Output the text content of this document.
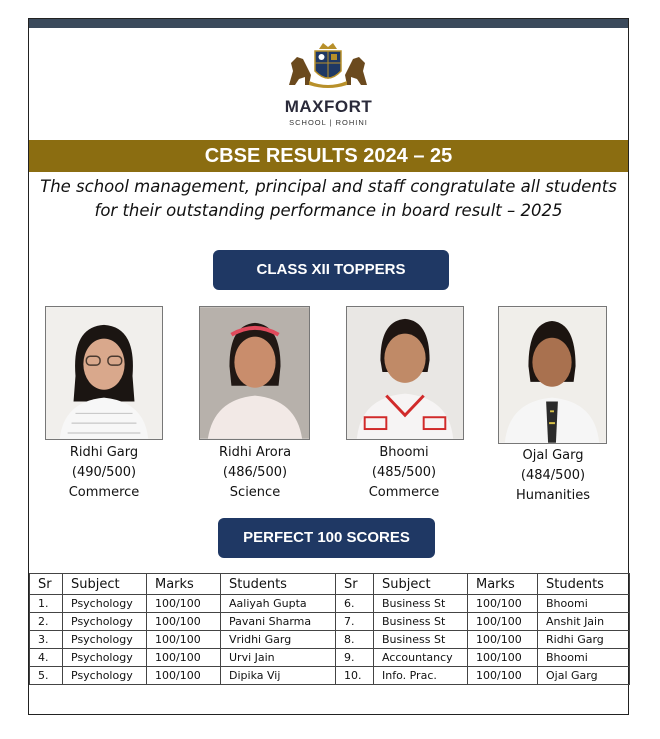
MAXFORT
SCHOOL | ROHINI
CBSE RESULTS 2024 – 25
The school management, principal and staff congratulate all students
for their outstanding performance in board result – 2025
CLASS XII TOPPERS
Ridhi Garg
(490/500)
Commerce
Ridhi Arora
(486/500)
Science
Bhoomi
(485/500)
Commerce
Ojal Garg
(484/500)
Humanities
PERFECT 100 SCORES
Sr	Subject	Marks	Students	Sr	Subject	Marks	Students
1.	Psychology	100/100	Aaliyah Gupta	6.	Business St	100/100	Bhoomi
2.	Psychology	100/100	Pavani Sharma	7.	Business St	100/100	Anshit Jain
3.	Psychology	100/100	Vridhi Garg	8.	Business St	100/100	Ridhi Garg
4.	Psychology	100/100	Urvi Jain	9.	Accountancy	100/100	Bhoomi
5.	Psychology	100/100	Dipika Vij	10.	Info. Prac.	100/100	Ojal Garg
